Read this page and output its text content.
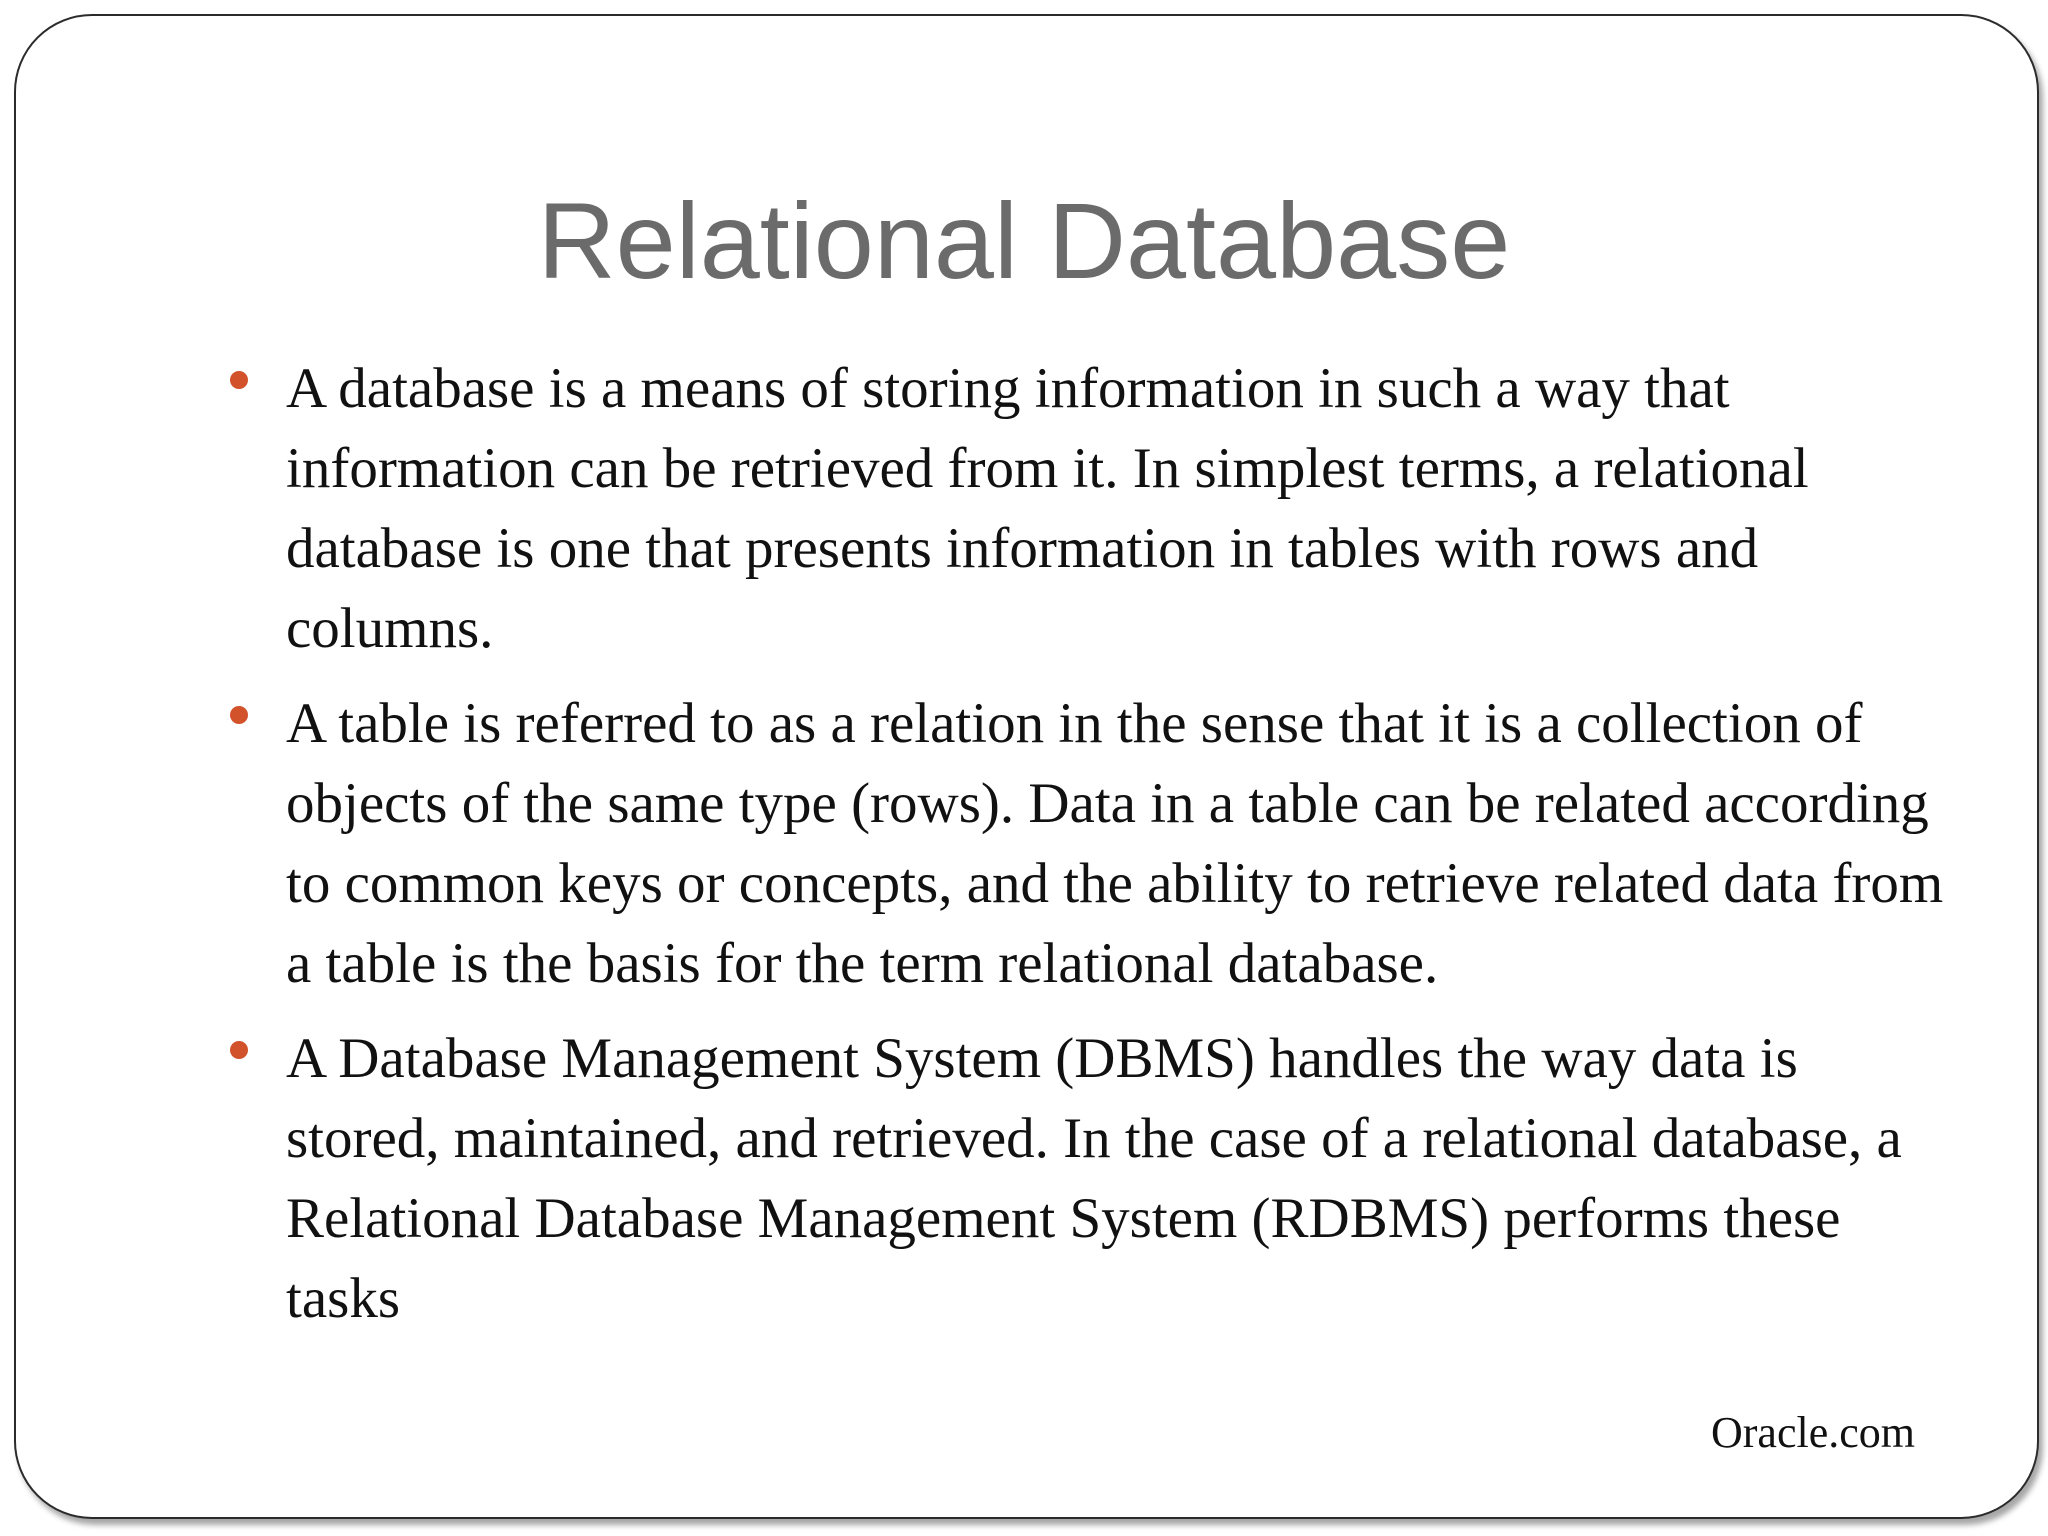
Relational Database
A database is a means of storing information in such a way that information can be retrieved from it. In simplest terms, a relational database is one that presents information in tables with rows and columns.
A table is referred to as a relation in the sense that it is a collection of objects of the same type (rows). Data in a table can be related according to common keys or concepts, and the ability to retrieve related data from a table is the basis for the term relational database.
A Database Management System (DBMS) handles the way data is stored, maintained, and retrieved. In the case of a relational database, a Relational Database Management System (RDBMS) performs these tasks
Oracle.com
